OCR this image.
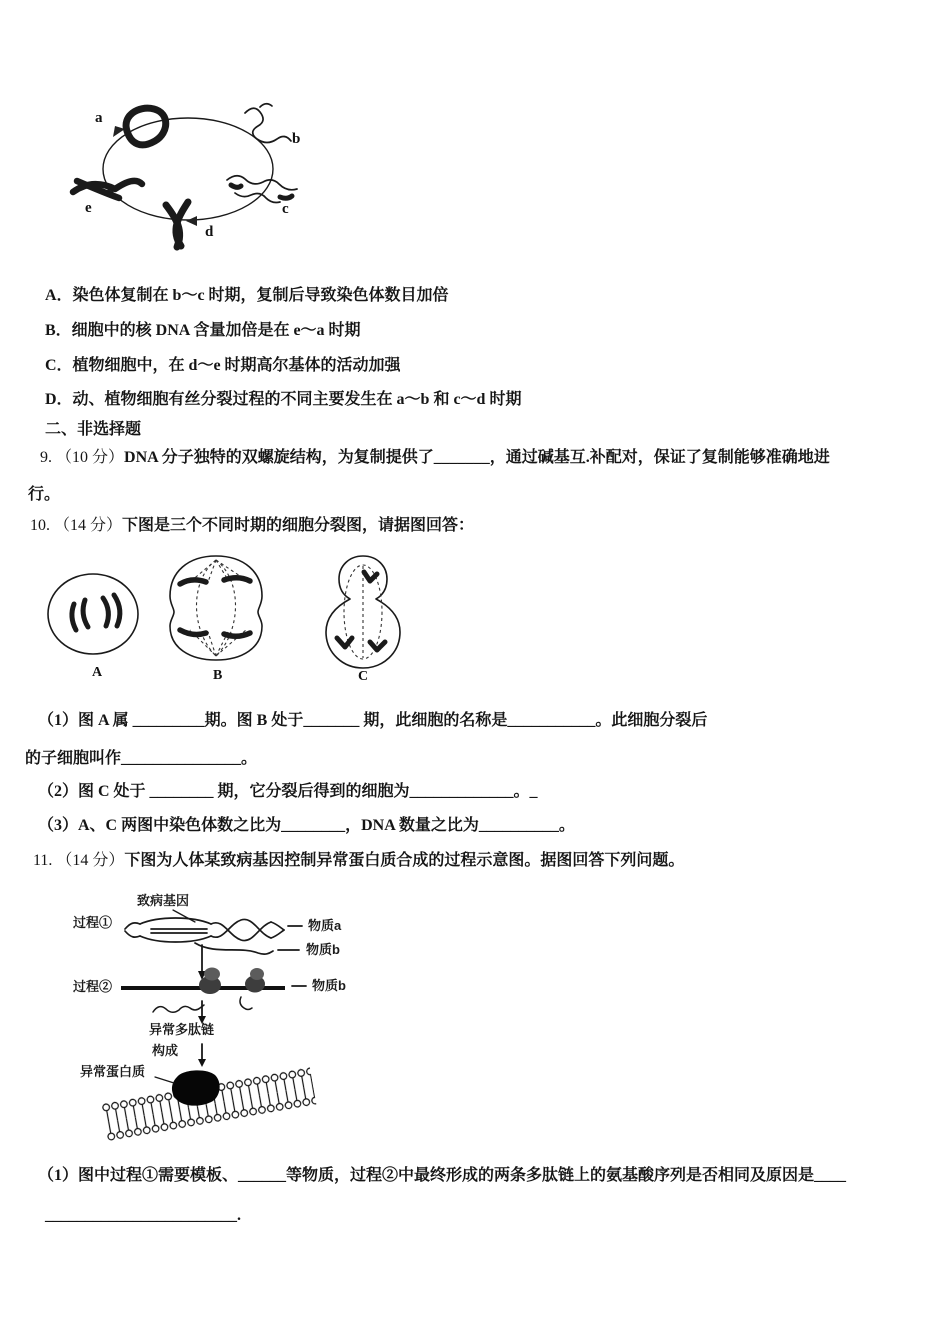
a
b
c
d
e
A．染色体复制在 b～c 时期，复制后导致染色体数目加倍
B．细胞中的核 DNA 含量加倍是在 e～a 时期
C．植物细胞中，在 d～e 时期高尔基体的活动加强
D．动、植物细胞有丝分裂过程的不同主要发生在 a～b 和 c～d 时期
二、非选择题
9. （10 分）DNA 分子独特的双螺旋结构，为复制提供了_______，通过碱基互.补配对，保证了复制能够准确地进
行。
10. （14 分）下图是三个不同时期的细胞分裂图，请据图回答：
A	B	C
（1）图 A 属 _________期。图 B 处于_______ 期，此细胞的名称是___________。此细胞分裂后
的子细胞叫作_______________。
（2）图 C 处于 ________ 期，它分裂后得到的细胞为_____________。_
（3）A、C 两图中染色体数之比为________，DNA 数量之比为__________。
11. （14 分）下图为人体某致病基因控制异常蛋白质合成的过程示意图。据图回答下列问题。
致病基因
过程①	物质a
物质b
过程②	物质b
异常多肽链
构成
异常蛋白质
（1）图中过程①需要模板、______等物质，过程②中最终形成的两条多肽链上的氨基酸序列是否相同及原因是____
________________________.
